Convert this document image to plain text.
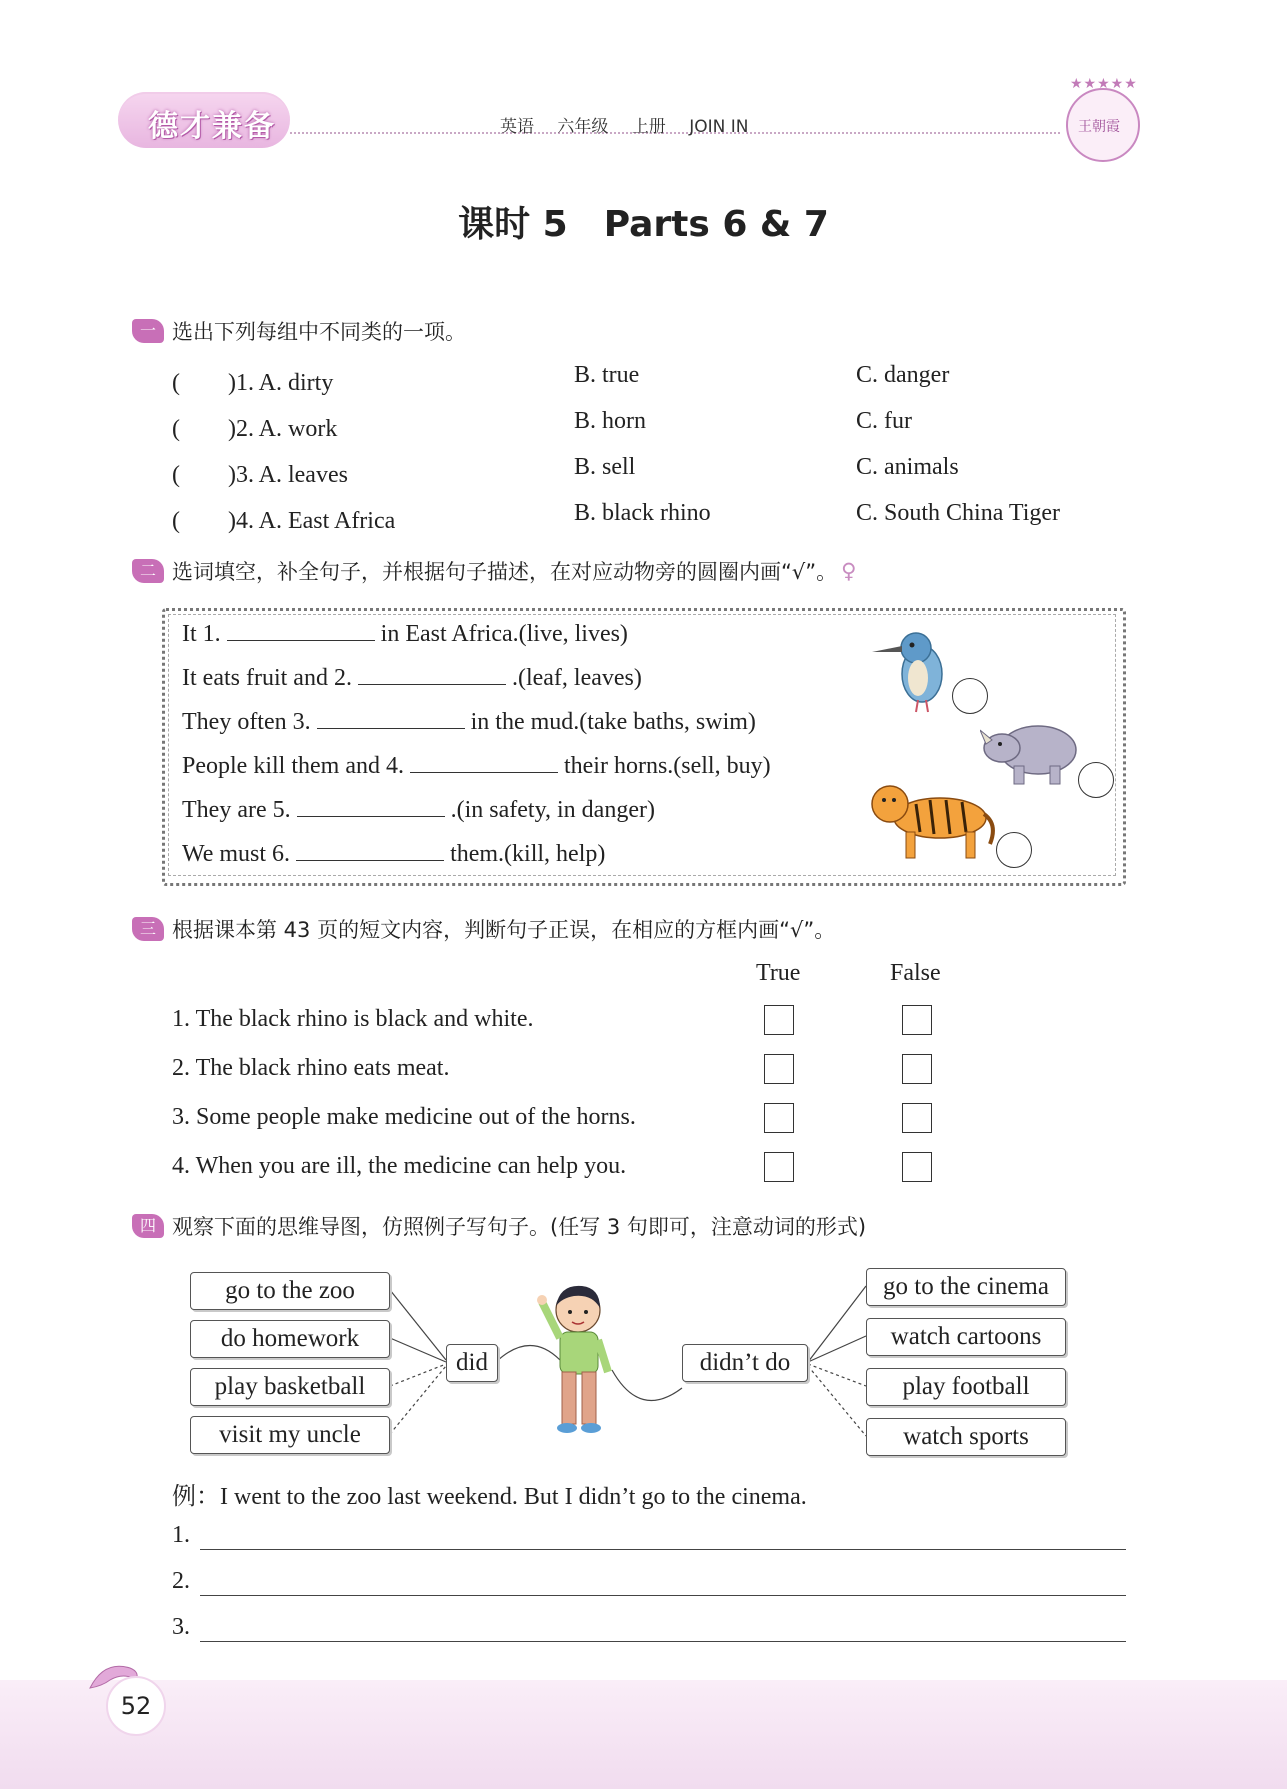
德才兼备	英语 六年级 上册 JOIN IN
★★★★★
王朝霞
课时 5　Parts 6 & 7
一 选出下列每组中不同类的一项。
(　　)1. A. dirty	B. true	C. danger
(　　)2. A. work	B. horn	C. fur
(　　)3. A. leaves	B. sell	C. animals
(　　)4. A. East Africa	B. black rhino	C. South China Tiger
二 选词填空，补全句子，并根据句子描述，在对应动物旁的圆圈内画“√”。 ♀
It 1.	in East Africa.(live, lives)
It eats fruit and 2.	.(leaf, leaves)
They often 3.	in the mud.(take baths, swim)
People kill them and 4.	their horns.(sell, buy)
They are 5.	.(in safety, in danger)
We must 6.	them.(kill, help)
三 根据课本第 43 页的短文内容，判断句子正误，在相应的方框内画“√”。
True	False
1. The black rhino is black and white.
2. The black rhino eats meat.
3. Some people make medicine out of the horns.
4. When you are ill, the medicine can help you.
四 观察下面的思维导图，仿照例子写句子。(任写 3 句即可，注意动词的形式)
go to the zoo
do homework
play basketball
visit my uncle
did	didn’t do
go to the cinema
watch cartoons
play football
watch sports
例：I went to the zoo last weekend. But I didn’t go to the cinema.
1.
2.
3.
52
